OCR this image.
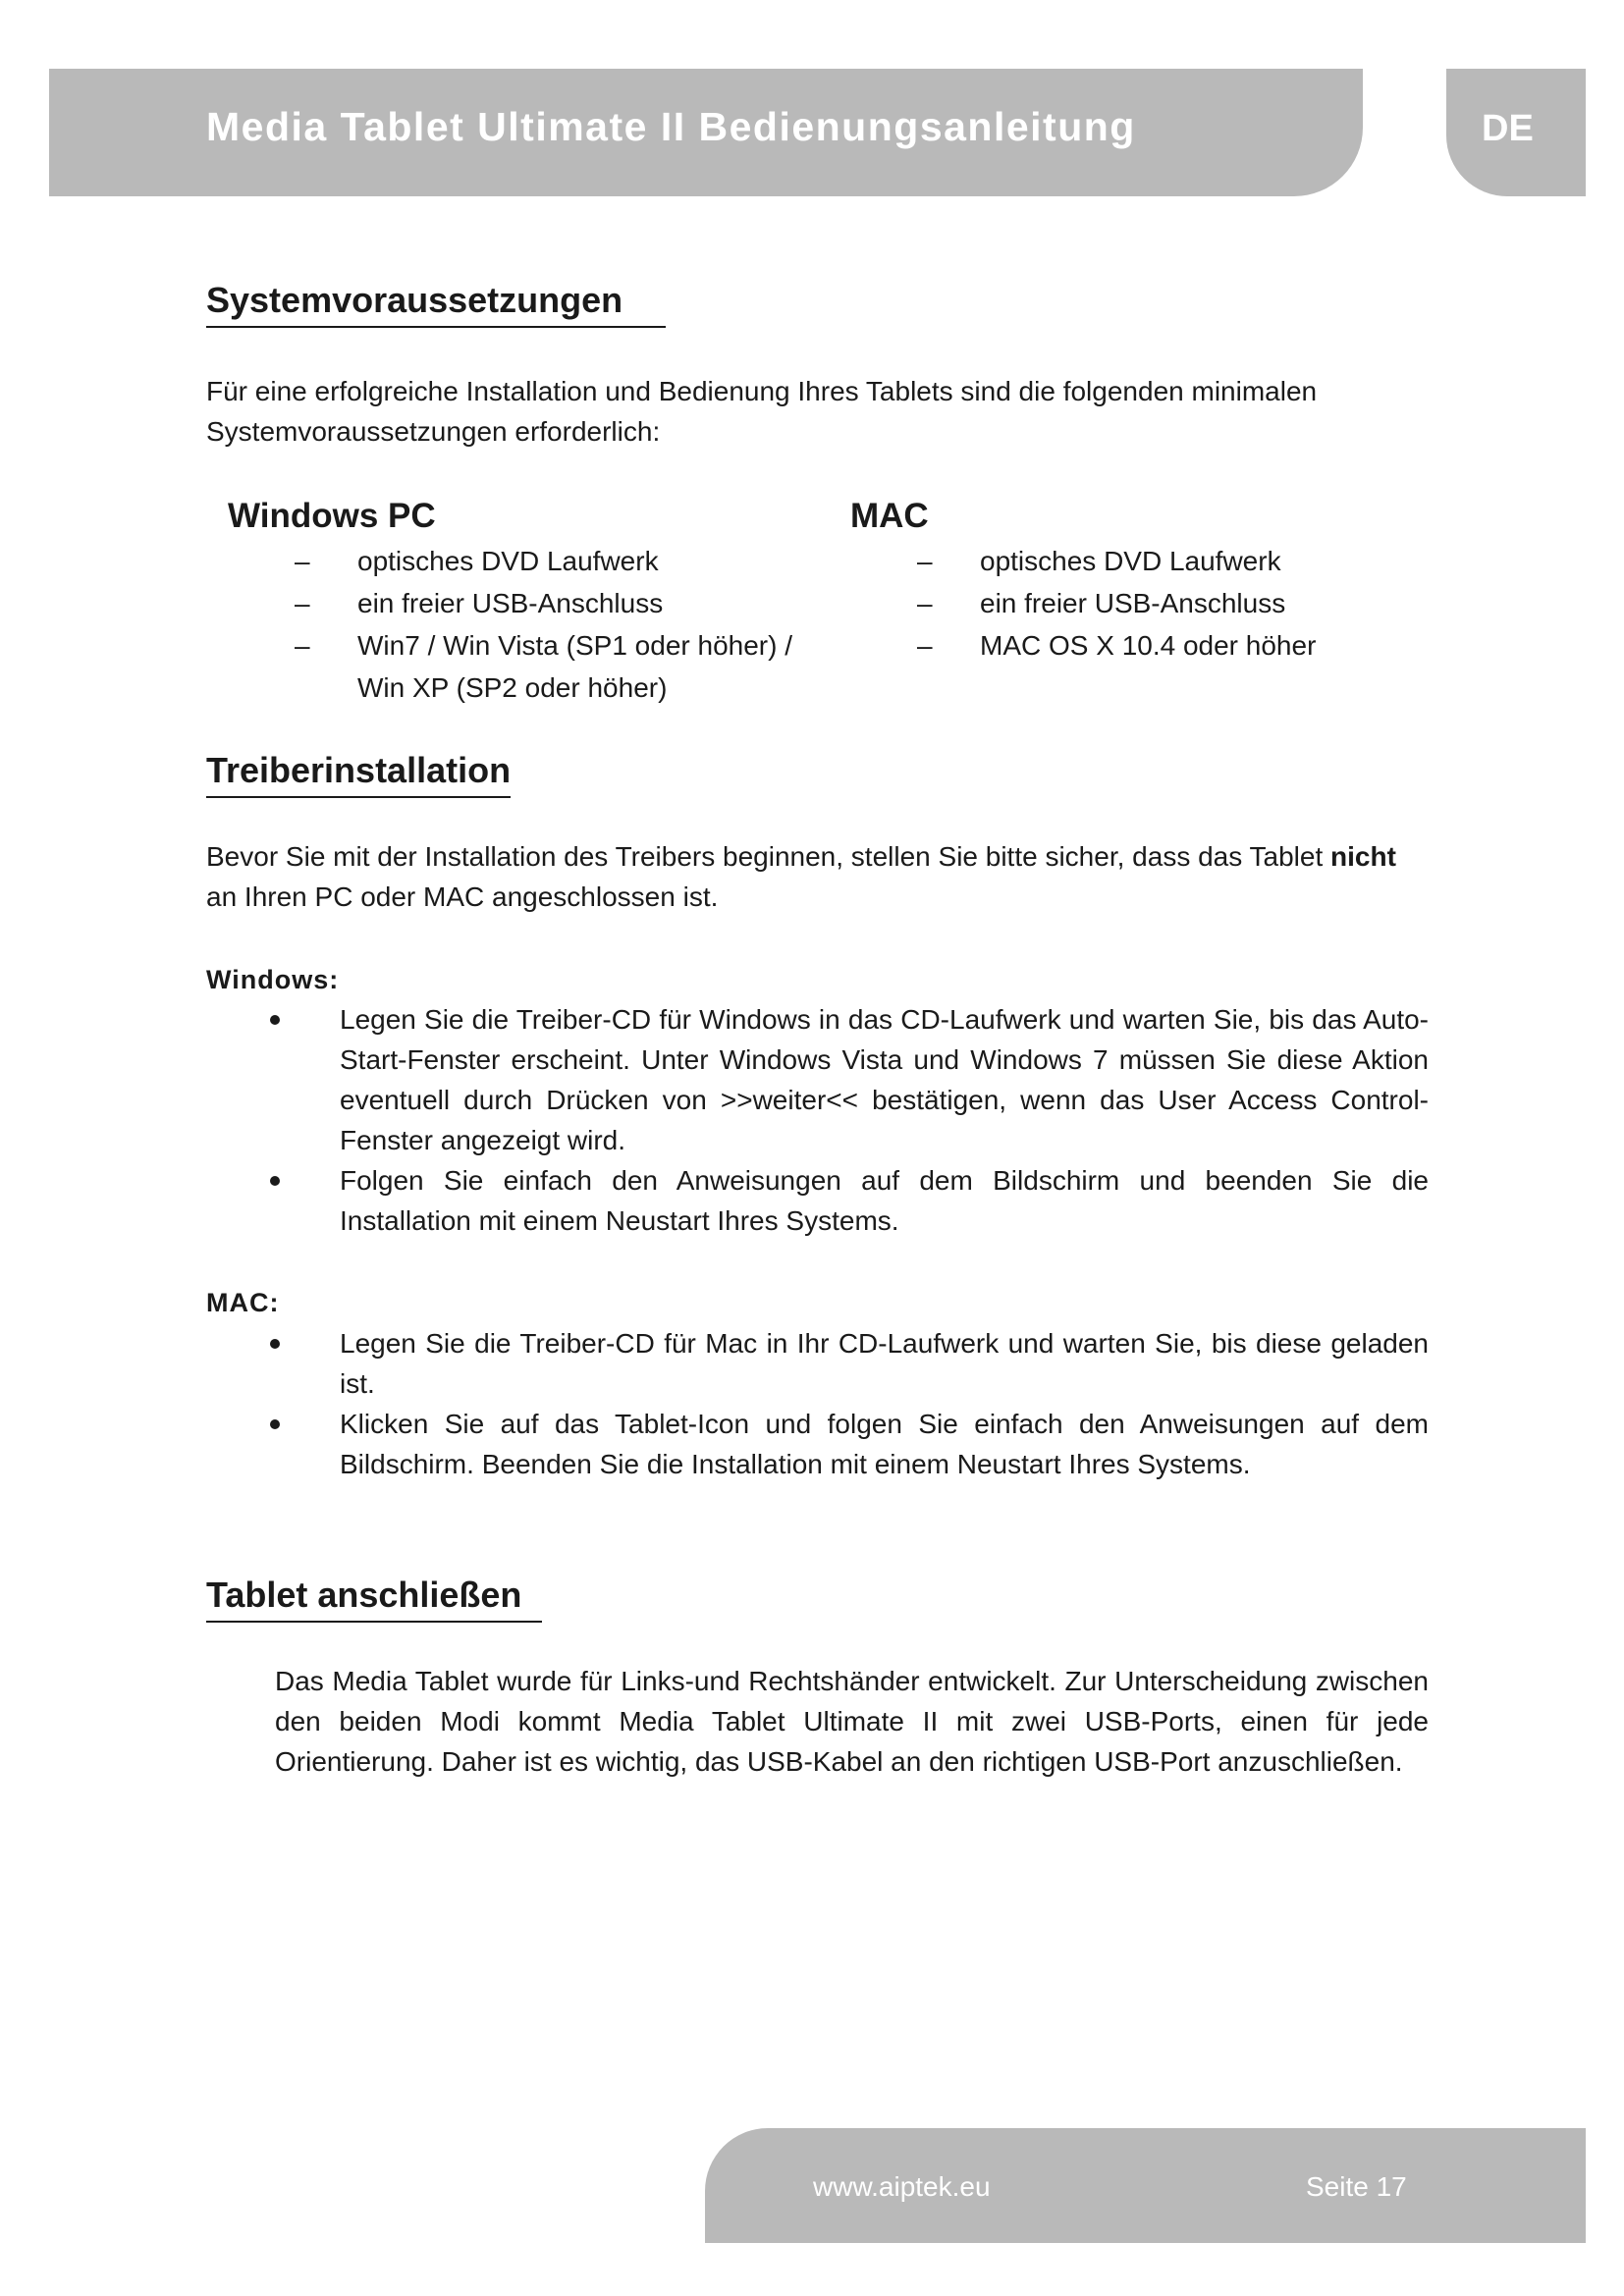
Media Tablet Ultimate II Bedienungsanleitung	DE
Systemvoraussetzungen
Für eine erfolgreiche Installation und Bedienung Ihres Tablets sind die folgenden minimalen Systemvoraussetzungen erforderlich:
Windows PC
– optisches DVD Laufwerk
– ein freier USB-Anschluss
– Win7 / Win Vista (SP1 oder höher) / Win XP (SP2 oder höher)
MAC
– optisches DVD Laufwerk
– ein freier USB-Anschluss
– MAC OS X 10.4 oder höher
Treiberinstallation
Bevor Sie mit der Installation des Treibers beginnen, stellen Sie bitte sicher, dass das Tablet nicht an Ihren PC oder MAC angeschlossen ist.
Windows:
Legen Sie die Treiber-CD für Windows in das CD-Laufwerk und warten Sie, bis das Auto-Start-Fenster erscheint. Unter Windows Vista und Windows 7 müssen Sie diese Aktion eventuell durch Drücken von >>weiter<< bestätigen, wenn das User Access Control-Fenster angezeigt wird.
Folgen Sie einfach den Anweisungen auf dem Bildschirm und beenden Sie die Installation mit einem Neustart Ihres Systems.
MAC:
Legen Sie die Treiber-CD für Mac in Ihr CD-Laufwerk und warten Sie, bis diese geladen ist.
Klicken Sie auf das Tablet-Icon und folgen Sie einfach den Anweisungen auf dem Bildschirm. Beenden Sie die Installation mit einem Neustart Ihres Systems.
Tablet anschließen
Das Media Tablet wurde für Links-und Rechtshänder entwickelt. Zur Unterscheidung zwischen den beiden Modi kommt Media Tablet Ultimate II mit zwei USB-Ports, einen für jede Orientierung. Daher ist es wichtig, das USB-Kabel an den richtigen USB-Port anzuschließen.
www.aiptek.eu	Seite 17
